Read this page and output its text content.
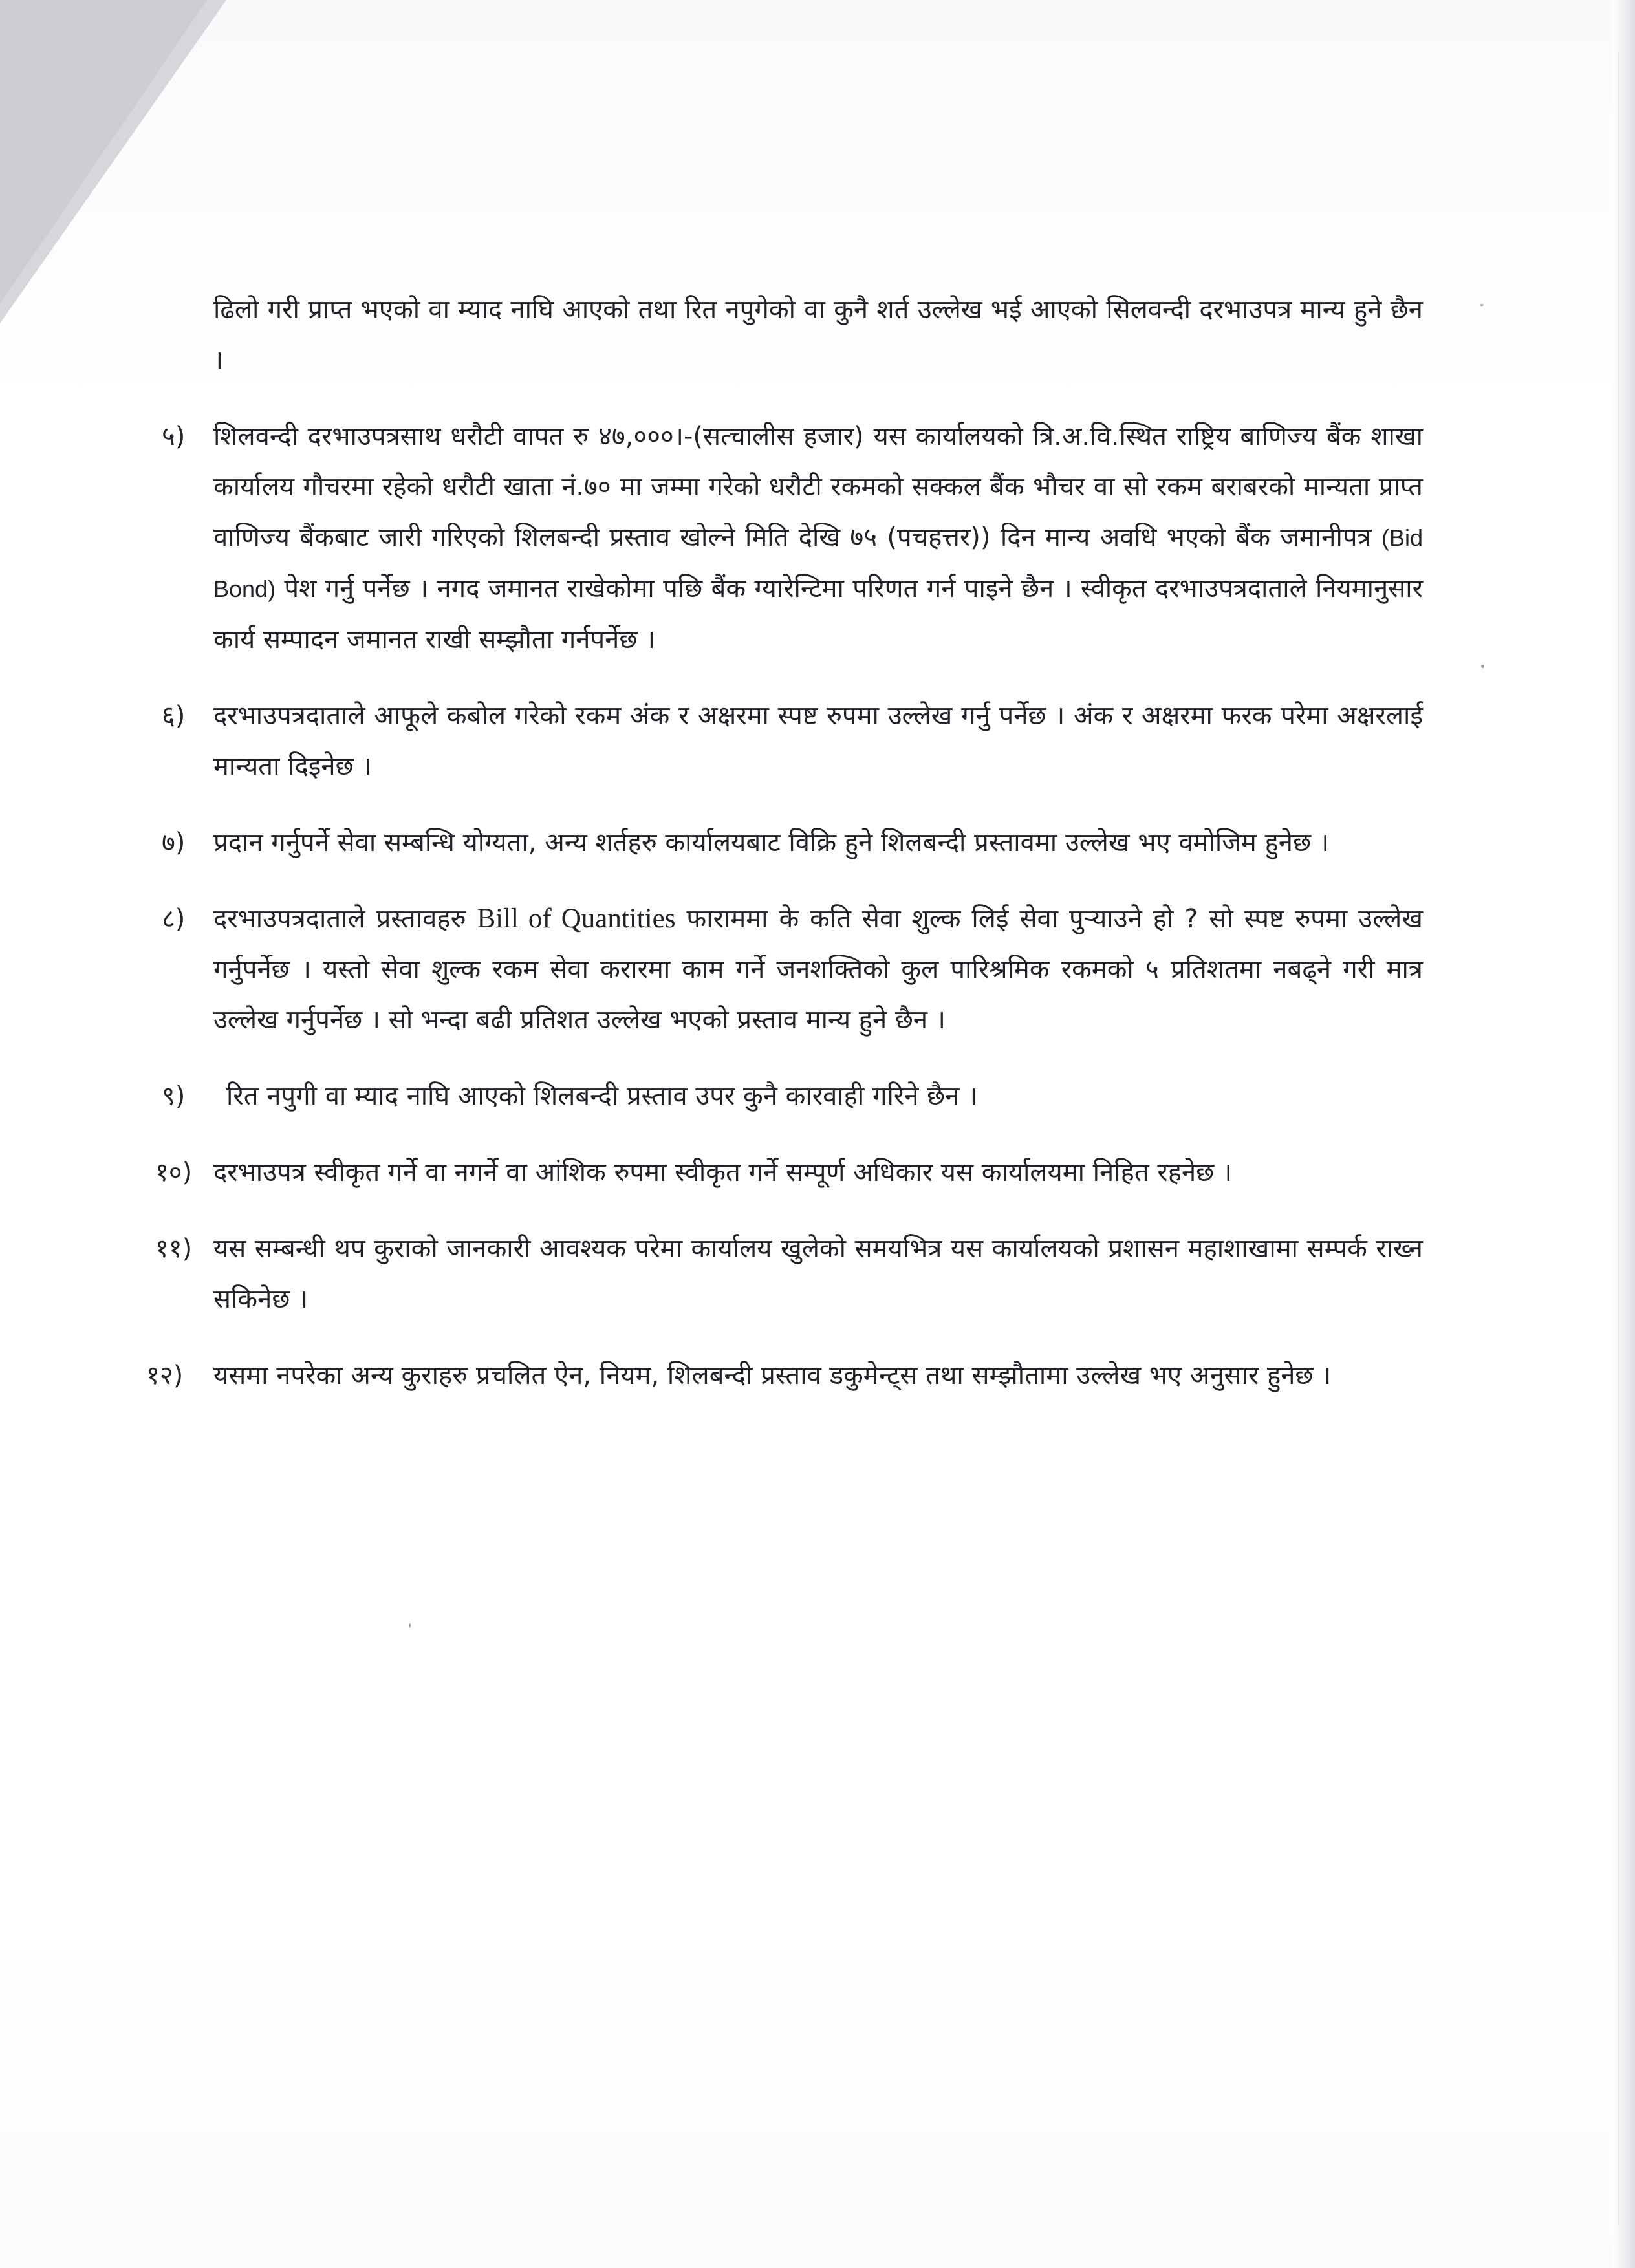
ढिलो गरी प्राप्त भएको वा म्याद नाघि आएको तथा रित नपुगेको वा कुनै शर्त उल्लेख भई आएको सिलवन्दी दरभाउपत्र मान्य हुने छैन ।

५) शिलवन्दी दरभाउपत्रसाथ धरौटी वापत रु ४७,०००।-(सत्चालीस हजार) यस कार्यालयको त्रि.अ.वि.स्थित राष्ट्रिय बाणिज्य बैंक शाखा कार्यालय गौचरमा रहेको धरौटी खाता नं.७० मा जम्मा गरेको धरौटी रकमको सक्कल बैंक भौचर वा सो रकम बराबरको मान्यता प्राप्त वाणिज्य बैंकबाट जारी गरिएको शिलबन्दी प्रस्ताव खोल्ने मिति देखि ७५ (पचहत्तर)) दिन मान्य अवधि भएको बैंक जमानीपत्र (Bid Bond) पेश गर्नु पर्नेछ । नगद जमानत राखेकोमा पछि बैंक ग्यारेन्टिमा परिणत गर्न पाइने छैन । स्वीकृत दरभाउपत्रदाताले नियमानुसार कार्य सम्पादन जमानत राखी सम्झौता गर्नपर्नेछ ।

६) दरभाउपत्रदाताले आफूले कबोल गरेको रकम अंक र अक्षरमा स्पष्ट रुपमा उल्लेख गर्नु पर्नेछ । अंक र अक्षरमा फरक परेमा अक्षरलाई मान्यता दिइनेछ ।

७) प्रदान गर्नुपर्ने सेवा सम्बन्धि योग्यता, अन्य शर्तहरु कार्यालयबाट विक्रि हुने शिलबन्दी प्रस्तावमा उल्लेख भए वमोजिम हुनेछ ।

८) दरभाउपत्रदाताले प्रस्तावहरु Bill of Quantities फाराममा के कति सेवा शुल्क लिई सेवा पुऱ्याउने हो ? सो स्पष्ट रुपमा उल्लेख गर्नुपर्नेछ । यस्तो सेवा शुल्क रकम सेवा करारमा काम गर्ने जनशक्तिको कुल पारिश्रमिक रकमको ५ प्रतिशतमा नबढ्ने गरी मात्र उल्लेख गर्नुपर्नेछ । सो भन्दा बढी प्रतिशत उल्लेख भएको प्रस्ताव मान्य हुने छैन ।

९) रित नपुगी वा म्याद नाघि आएको शिलबन्दी प्रस्ताव उपर कुनै कारवाही गरिने छैन ।

१०) दरभाउपत्र स्वीकृत गर्ने वा नगर्ने वा आंशिक रुपमा स्वीकृत गर्ने सम्पूर्ण अधिकार यस कार्यालयमा निहित रहनेछ ।

११) यस सम्बन्धी थप कुराको जानकारी आवश्यक परेमा कार्यालय खुलेको समयभित्र यस कार्यालयको प्रशासन महाशाखामा सम्पर्क राख्न सकिनेछ ।

१२) यसमा नपरेका अन्य कुराहरु प्रचलित ऐन, नियम, शिलबन्दी प्रस्ताव डकुमेन्ट्स तथा सम्झौतामा उल्लेख भए अनुसार हुनेछ ।
